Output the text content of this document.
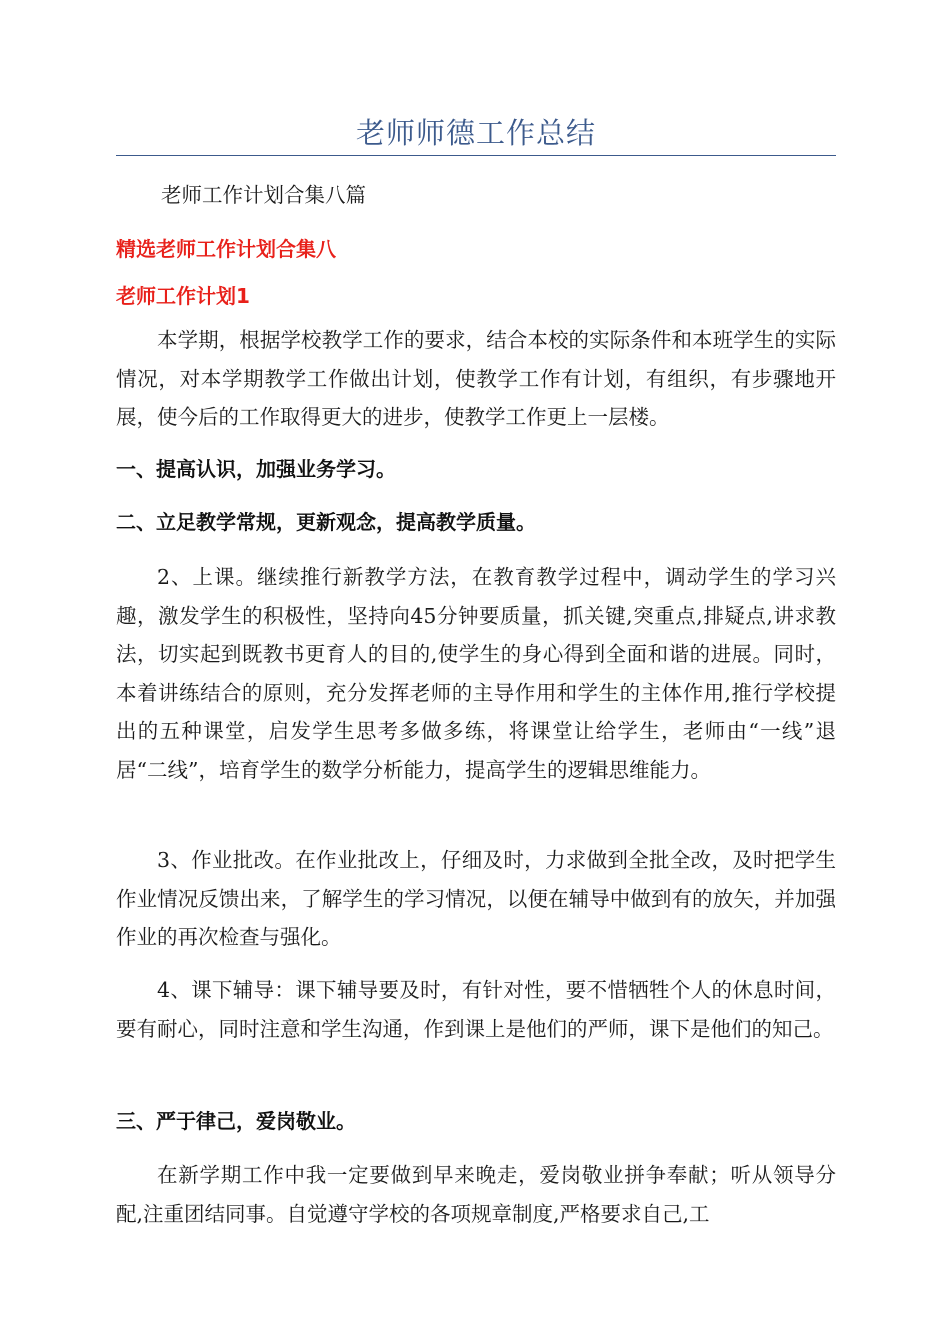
老师师德工作总结
老师工作计划合集八篇
精选老师工作计划合集八
老师工作计划1

本学期，根据学校教学工作的要求，结合本校的实际条件和本班学生的实际情况，对本学期教学工作做出计划，使教学工作有计划，有组织，有步骤地开展，使今后的工作取得更大的进步，使教学工作更上一层楼。

一、提高认识，加强业务学习。
二、立足教学常规，更新观念，提高教学质量。

2、上课。继续推行新教学方法，在教育教学过程中，调动学生的学习兴趣，激发学生的积极性，坚持向45分钟要质量，抓关键,突重点,排疑点,讲求教法，切实起到既教书更育人的目的,使学生的身心得到全面和谐的进展。同时，本着讲练结合的原则，充分发挥老师的主导作用和学生的主体作用,推行学校提出的五种课堂，启发学生思考多做多练，将课堂让给学生，老师由“一线”退居“二线”，培育学生的数学分析能力，提高学生的逻辑思维能力。

3、作业批改。在作业批改上，仔细及时，力求做到全批全改，及时把学生作业情况反馈出来，了解学生的学习情况，以便在辅导中做到有的放矢，并加强作业的再次检查与强化。

4、课下辅导：课下辅导要及时，有针对性，要不惜牺牲个人的休息时间，要有耐心，同时注意和学生沟通，作到课上是他们的严师，课下是他们的知己。

三、严于律己，爱岗敬业。

在新学期工作中我一定要做到早来晚走，爱岗敬业拼争奉献；听从领导分配,注重团结同事。自觉遵守学校的各项规章制度,严格要求自己,工
